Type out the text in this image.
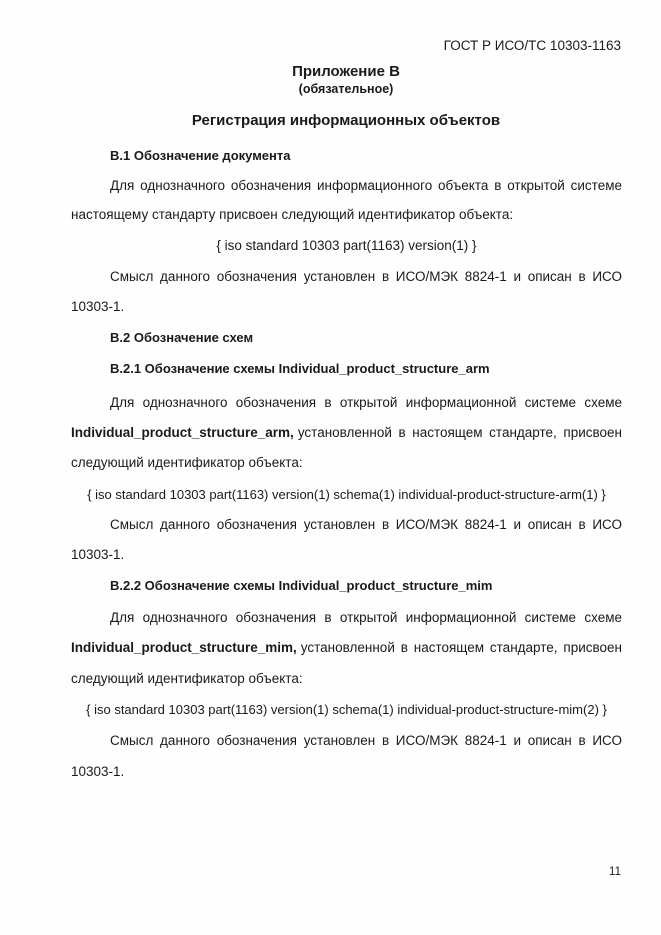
ГОСТ Р ИСО/ТС 10303-1163
Приложение В
(обязательное)
Регистрация информационных объектов
В.1 Обозначение документа
Для однозначного обозначения информационного объекта в открытой системе
настоящему стандарту присвоен следующий идентификатор объекта:
{ iso standard 10303 part(1163) version(1) }
Смысл данного обозначения установлен в ИСО/МЭК 8824-1 и описан в ИСО
10303-1.
В.2 Обозначение схем
В.2.1 Обозначение схемы Individual_product_structure_arm
Для однозначного обозначения в открытой информационной системе схеме
Individual_product_structure_arm, установленной в настоящем стандарте, присвоен
следующий идентификатор объекта:
{ iso standard 10303 part(1163) version(1) schema(1) individual-product-structure-arm(1) }
Смысл данного обозначения установлен в ИСО/МЭК 8824-1 и описан в ИСО
10303-1.
В.2.2 Обозначение схемы Individual_product_structure_mim
Для однозначного обозначения в открытой информационной системе схеме
Individual_product_structure_mim, установленной в настоящем стандарте, присвоен
следующий идентификатор объекта:
{ iso standard 10303 part(1163) version(1) schema(1) individual-product-structure-mim(2) }
Смысл данного обозначения установлен в ИСО/МЭК 8824-1 и описан в ИСО
10303-1.
11
